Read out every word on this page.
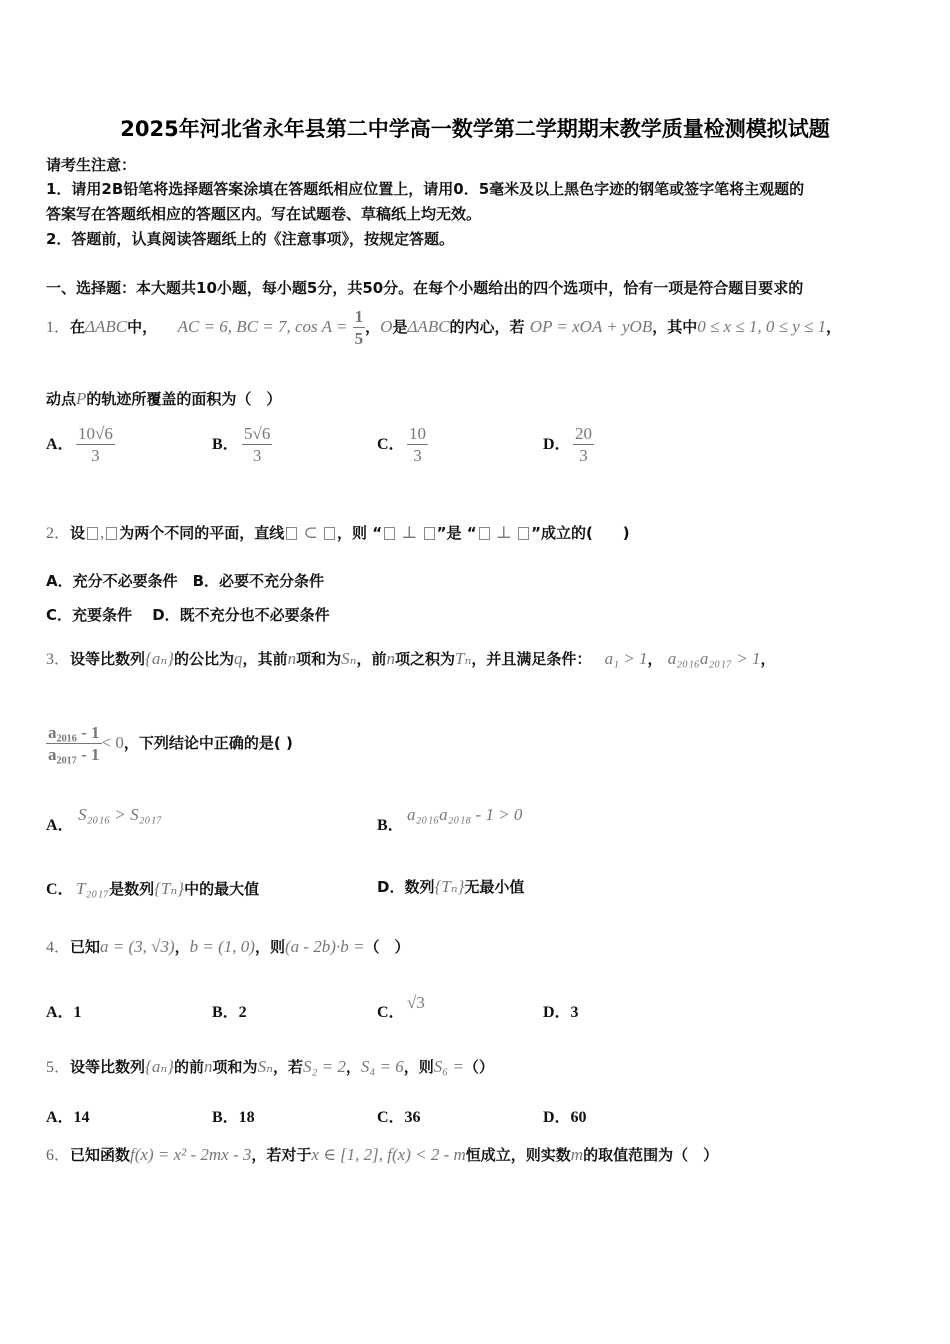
2025年河北省永年县第二中学高一数学第二学期期末教学质量检测模拟试题
请考生注意：
1．请用2B铅笔将选择题答案涂填在答题纸相应位置上，请用0．5毫米及以上黑色字迹的钢笔或签字笔将主观题的
答案写在答题纸相应的答题区内。写在试题卷、草稿纸上均无效。
2．答题前，认真阅读答题纸上的《注意事项》，按规定答题。
一、选择题：本大题共10小题，每小题5分，共50分。在每个小题给出的四个选项中，恰有一项是符合题目要求的
1．在ΔABC中， AC = 6, BC = 7, $\cos A = \frac{1}{5}$ ，O是ΔABC的内心，若 OP = xOA + yOB，其中0 ≤ x ≤ 1, 0 ≤ y ≤ 1，
动点P的轨迹所覆盖的面积为（　）
A． $\frac{10√6}{3}$	B． $\frac{5√6}{3}$	C． $\frac{10}{3}$	D． $\frac{20}{3}$
2．设 , 为两个不同的平面，直线 ⊂ ，则 “ ⊥ ”是 “ ⊥ ”成立的(　　)
A．充分不必要条件　B．必要不充分条件
C．充要条件　 D．既不充分也不必要条件
3．设等比数列{aₙ}的公比为q，其前n项和为Sₙ，前n项之积为Tₙ，并且满足条件： a₁ > 1， a₂₀₁₆a₂₀₁₇ > 1，
$\frac{\text{a₂₀₁₆ - 1}}{\text{a₂₀₁₇ - 1}} < 0$，下列结论中正确的是( )
A．S₂₀₁₆ > S₂₀₁₇
B．a₂₀₁₆a₂₀₁₈ - 1 > 0
C． T₂₀₁₇是数列{Tₙ}中的最大值	D．数列{Tₙ}无最小值
4．已知a = (3, √3)，b = (1, 0)，则(a - 2b)·b =（　）
A．1	B．2	C．√3
D．3
5．设等比数列{aₙ}的前n项和为Sₙ，若S₂ = 2，S₄ = 6，则S₆ =（）
A．14	B．18	C．36	D．60
6．已知函数f(x) = x² - 2mx - 3，若对于x ∈ [1, 2], f(x) < 2 - m恒成立，则实数m的取值范围为（　）
